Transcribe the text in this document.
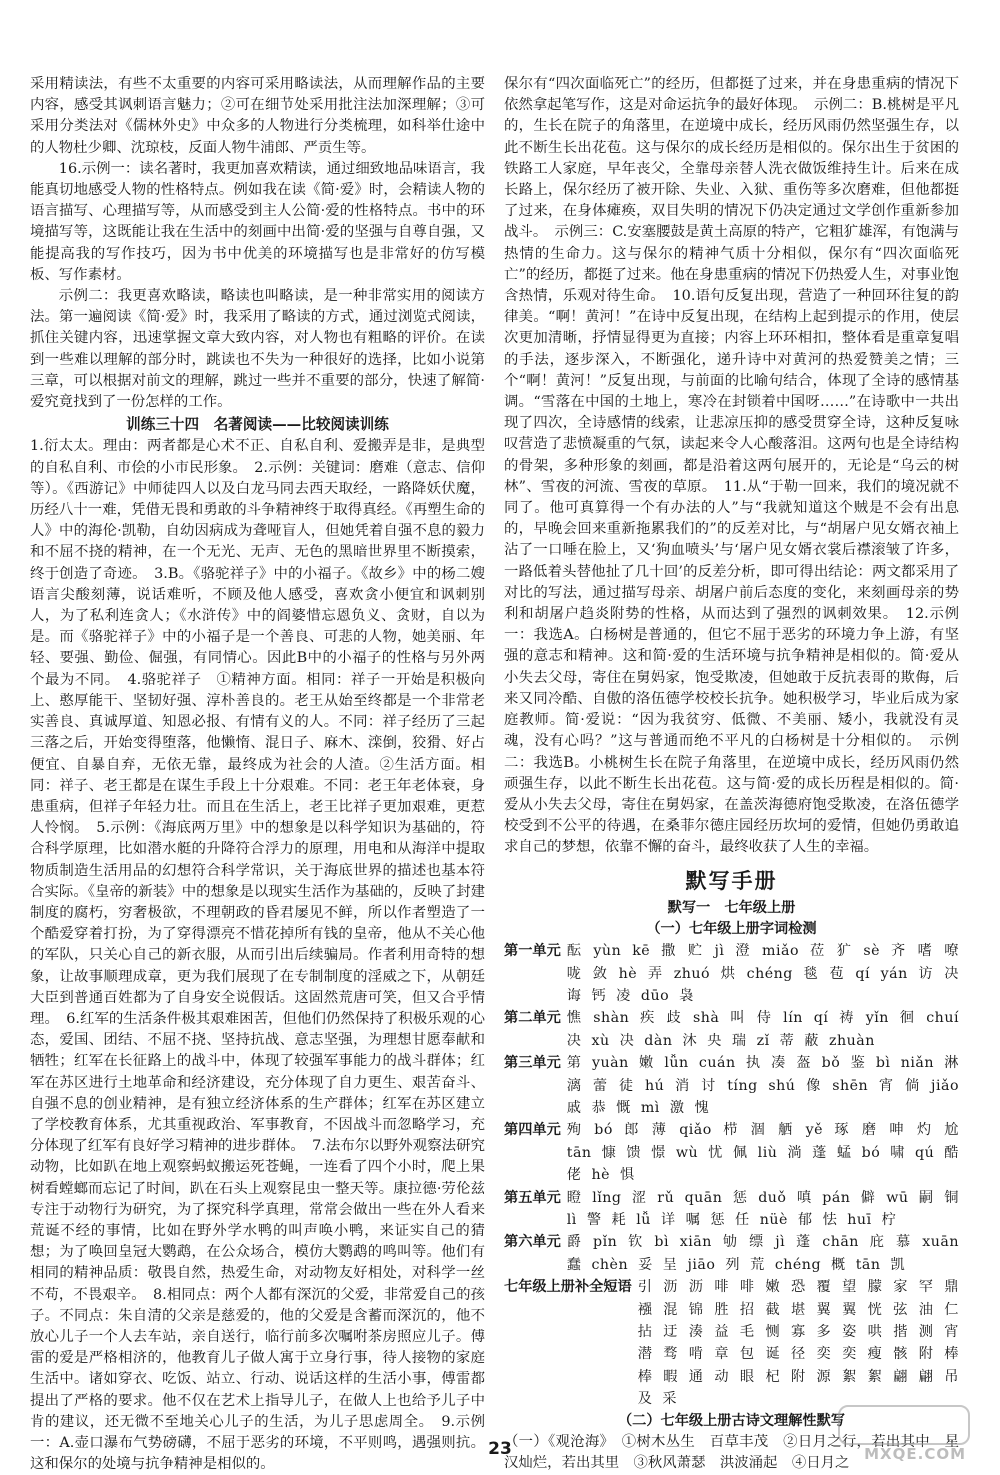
采用精读法，有些不太重要的内容可采用略读法，从而理解作品的主要内容，感受其讽刺语言魅力；②可在细节处采用批注法加深理解；③可采用分类法对《儒林外史》中众多的人物进行分类梳理，如科举仕途中的人物杜少卿、沈琼枝，反面人物牛浦郎、严贡生等。

16.示例一：读名著时，我更加喜欢精读，通过细致地品味语言，我能真切地感受人物的性格特点。例如我在读《简·爱》时，会精读人物的语言描写、心理描写等，从而感受到主人公简·爱的性格特点。书中的环境描写等，这既能让我在生活中的刻画中出简·爱的坚强与自尊自强，又能提高我的写作技巧，因为书中优美的环境描写也是非常好的仿写模板、写作素材。

示例二：我更喜欢略读，略读也叫略读，是一种非常实用的阅读方法。第一遍阅读《简·爱》时，我采用了略读的方式，通过浏览式阅读，抓住关键内容，迅速掌握文章大致内容，对人物也有粗略的评价。在读到一些难以理解的部分时，跳读也不失为一种很好的选择，比如小说第三章，可以根据对前文的理解，跳过一些并不重要的部分，快速了解简·爱究竟找到了一份怎样的工作。

训练三十四　名著阅读——比较阅读训练

1.衍太太。理由：两者都是心术不正、自私自利、爱搬弄是非，是典型的自私自利、市侩的小市民形象。　2.示例：关键词：磨难（意志、信仰等）。《西游记》中师徒四人以及白龙马同去西天取经，一路降妖伏魔，历经八十一难，凭借无畏和勇敢的斗争精神终于取得真经。《再塑生命的人》中的海伦·凯勒，自幼因病成为聋哑盲人，但她凭着自强不息的毅力和不屈不挠的精神，在一个无光、无声、无色的黑暗世界里不断摸索，终于创造了奇迹。　3.B。《骆驼祥子》中的小福子。《故乡》中的杨二嫂语言尖酸刻薄，说话难听，不顾及他人感受，喜欢贪小便宜和讽刺别人，为了私利连贪人；《水浒传》中的阎婆惜忘恩负义、贪财，自以为是。而《骆驼祥子》中的小福子是一个善良、可悲的人物，她美丽、年轻、要强、勤俭、倔强，有同情心。因此B中的小福子的性格与另外两个最为不同。　4.骆驼祥子　①精神方面。相同：祥子一开始是积极向上、憨厚能干、坚韧好强、淳朴善良的。老王从始至终都是一个非常老实善良、真诚厚道、知恩必报、有情有义的人。不同：祥子经历了三起三落之后，开始变得堕落，他懒惰、混日子、麻木、滦倒，狡猾、好占便宜、自暴自弃，无依无靠，最终成为社会的人渣。②生活方面。相同：祥子、老王都是在谋生手段上十分艰难。不同：老王年老体衰，身患重病，但祥子年轻力壮。而且在生活上，老王比祥子更加艰难，更惹人怜悯。　5.示例：《海底两万里》中的想象是以科学知识为基础的，符合科学原理，比如潜水艇的升降符合浮力的原理，用电和从海洋中提取物质制造生活用品的幻想符合科学常识，关于海底世界的描述也基本符合实际。《皇帝的新装》中的想象是以现实生活作为基础的，反映了封建制度的腐朽，穷奢极欲，不理朝政的昏君屡见不鲜，所以作者塑造了一个酷爱穿着打扮，为了穿得漂亮不惜花掉所有钱的皇帝，他从不关心他的军队，只关心自己的新衣服，从而引出后续骗局。作者利用奇特的想象，让故事顺理成章，更为我们展现了在专制制度的淫威之下，从朝廷大臣到普通百姓都为了自身安全说假话。这固然荒唐可笑，但又合乎情理。　6.红军的生活条件极其艰难困苦，但他们仍然保持了积极乐观的心态，爱国、团结、不屈不挠、坚持抗战、意志坚强，为理想甘愿奉献和牺牲；红军在长征路上的战斗中，体现了较强军事能力的战斗群体；红军在苏区进行土地革命和经济建设，充分体现了自力更生、艰苦奋斗、自强不息的创业精神，是有独立经济体系的生产群体；红军在苏区建立了学校教育体系，尤其重视政治、军事教育，不因战斗而忽略学习，充分体现了红军有良好学习精神的进步群体。　7.法布尔以野外观察法研究动物，比如趴在地上观察蚂蚁搬运死苍蝇，一连看了四个小时，爬上果树看螳螂而忘记了时间，趴在石头上观察昆虫一整天等。康拉德·劳伦兹专注于动物行为研究，为了探究科学真理，常常会做出一些在外人看来荒诞不经的事情，比如在野外学水鸭的叫声唤小鸭，来证实自己的猜想；为了唤回皇冠大鹦鹉，在公众场合，模仿大鹦鹉的鸣叫等。他们有相同的精神品质：敬畏自然，热爱生命，对动物友好相处，对科学一丝不苟，不畏艰辛。　8.相同点：两个人都有深沉的父爱，非常爱自己的孩子。不同点：朱自清的父亲是慈爱的，他的父爱是含蓄而深沉的，他不放心儿子一个人去车站，亲自送行，临行前多次嘱咐茶房照应儿子。傅雷的爱是严格相济的，他教育儿子做人寓于立身行事，待人接物的家庭生活中。诸如穿衣、吃饭、站立、行动、说话这样的生活小事，傅雷都提出了严格的要求。他不仅在艺术上指导儿子，在做人上也给予儿子中肯的建议，还无微不至地关心儿子的生活，为儿子思虑周全。　9.示例一：A.壶口瀑布气势磅礴，不屈于恶劣的环境，不平则鸣，遇强则抗。这和保尔的处境与抗争精神是相似的。

保尔有“四次面临死亡”的经历，但都挺了过来，并在身患重病的情况下依然拿起笔写作，这是对命运抗争的最好体现。　示例二：B.桃树是平凡的，生长在院子的角落里，在逆境中成长，经历风雨仍然坚强生存，以此不断生长出花苞。这与保尔的成长经历是相似的。保尔出生于贫困的铁路工人家庭，早年丧父，全靠母亲替人洗衣做饭维持生计。后来在成长路上，保尔经历了被开除、失业、入狱、重伤等多次磨难，但他都挺了过来，在身体瘫痪，双目失明的情况下仍决定通过文学创作重新参加战斗。　示例三：C.安塞腰鼓是黄土高原的特产，它粗犷雄浑，有饱满与热情的生命力。这与保尔的精神气质十分相似，保尔有“四次面临死亡”的经历，都挺了过来。他在身患重病的情况下仍热爱人生，对事业饱含热情，乐观对待生命。　10.语句反复出现，营造了一种回环往复的韵律美。“啊！黄河！”在诗中反复出现，在结构上起到提示的作用，使层次更加清晰，抒情显得更为直接；内容上环环相扣，整体看是重章复唱的手法，逐步深入，不断强化，递升诗中对黄河的热爱赞美之情；三个“啊！黄河！”反复出现，与前面的比喻句结合，体现了全诗的感情基调。“雪落在中国的土地上，寒冷在封锁着中国呀……”在诗歌中一共出现了四次，全诗感情的线索，让悲凉压抑的感受贯穿全诗，这种反复咏叹营造了悲愤凝重的气氛，读起来令人心酸落泪。这两句也是全诗结构的骨架，多种形象的刻画，都是沿着这两句展开的，无论是“乌云的树林”、雪夜的河流、雪夜的草原。　11.从“于勒一回来，我们的境况就不同了。他可真算得一个有办法的人”与“我就知道这个贼是不会有出息的，早晚会回来重新拖累我们的”的反差对比，与“胡屠户见女婿衣袖上沾了一口唾在脸上，又‘狗血喷头’与‘屠户见女婿衣裳后襟滚皱了许多，一路低着头替他扯了几十回’的反差分析，即可得出结论：两文都采用了对比的写法，通过描写母亲、胡屠户前后态度的变化，来刻画母亲的势利和胡屠户趋炎附势的性格，从而达到了强烈的讽刺效果。　12.示例一：我选A。白杨树是普通的，但它不屈于恶劣的环境力争上游，有坚强的意志和精神。这和简·爱的生活环境与抗争精神是相似的。简·爱从小失去父母，寄住在舅妈家，饱受欺凌，但她敢于反抗表哥的欺侮，后来又同冷酷、自傲的洛伍德学校校长抗争。她积极学习，毕业后成为家庭教师。简·爱说：“因为我贫穷、低微、不美丽、矮小，我就没有灵魂，没有心吗？”这与普通而绝不平凡的白杨树是十分相似的。　示例二：我选B。小桃树生长在院子角落里，在逆境中成长，经历风雨仍然顽强生存，以此不断生长出花苞。这与简·爱的成长历程是相似的。简·爱从小失去父母，寄住在舅妈家，在盖茨海德府饱受欺凌，在洛伍德学校受到不公平的待遇，在桑菲尔德庄园经历坎坷的爱情，但她仍勇敢追求自己的梦想，依靠不懈的奋斗，最终收获了人生的幸福。

默写手册

默写一　七年级上册

（一）七年级上册字词检测

第一单元 酝 yùn kē 撒 贮 jì 澄 miǎo 莅 犷 sè 齐 嗜 嘹 咙 敛 hè 弄 zhuó 烘 chéng 毯 苞 qí yán 访 决 诲 钙 凌 dūo 袅
第二单元 憔 shàn 疾 歧 shà 叫 侍 lín qí 祷 yǐn 徊 chuí 决 xù 决 dàn 沐 央 瑞 zǐ 蒂 蔽 zhuàn
第三单元 第 yuàn 嫩 lǚn cuán 执 凑 盔 bǒ 鉴 bì niǎn 淋 漓 蕾 徒 hú 消 讨 tíng shú 像 shēn 宵 倘 jiǎo 戚 恭 慨 mì 激 愧
第四单元 殉 bó 郎 薄 qiǎo 栉 涸 舾 yě 琢 磨 呻 灼 尬 tān 慷 馈 憬 wù 忧 佩 liù 淌 蓬 蜢 bó 啸 qú 酷 佬 hè 惧
第五单元 瞪 lǐng 涩 rǔ quān 惩 duǒ 嗔 pán 僻 wū 嗣 铜 lì 警 耗 lǚ 详 嘱 惩 任 nüè 郁 怯 huī 柠
第六单元 爵 pǐn 钦 bì xiān 劬 缥 jì 蓬 chān 庇 慕 xuān 蠢 chèn 妥 呈 jiāo 列 荒 chéng 概 tān 凯
七年级上册补全短语 引 沥 沥 啡 啡 嫩 恐 覆 望 朦 家 罕 鼎 襁 混 锦 胜 招 截 堪 翼 翼 恍 弦 油 仁 拈 迂 湊 益 毛 恻 寡 多 姿 哄 揩 测 宵 潜 骛 啃 章 包 诞 径 奕 奕 瘦 骸 附 棒 棒 暇 通 动 眼 杞 附 源 絮 絮 翩 翩 吊 及 采

（二）七年级上册古诗文理解性默写

（一）《观沧海》　①树木丛生　百草丰茂　②日月之行，若出其中　星汉灿烂，若出其里　③秋风萧瑟　洪波涌起　④日月之

23	MXQE.COM
